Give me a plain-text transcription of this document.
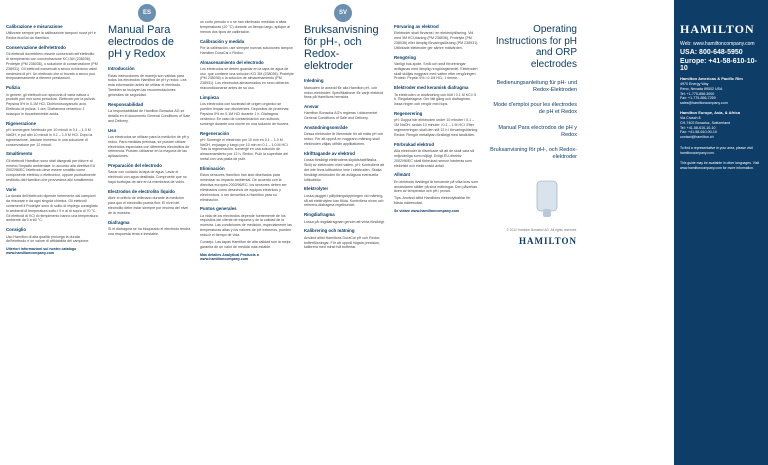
Calibrazione e misurazione

Utilizzare sempre per la calibrazione tamponi nuovi pH e Redox ItuoSal da Hamilton.

Conservazione dell'elettrodo

Gli elettrodi dovrebbero essere conservati nell'elettrolito di riempimento con concentrazione KCl 3M (238036), Protelyte (PM 238036), o soluzione di conservazione (PM 238931). Gli elettrodi conservati a secco richiedono valori medesimi di pH. Un elettrodo che si trovato a secco può temporaneamente a ritenere prestazioni.

Pulizia

In genere, gli elettrodi con sporcizia di varia natura o prodotti puri non sono pericolosi. Elettrodo per la pulizia: Pepsina 5% in 0.1M HCl, Dichloroisocyanuric acid. Elettrodo di pulizia: 1 ora. Diaframma ceramico: 1 sciacquo in tiocarbammide acida.

Rigenerazione

pH: immergere l'elettrodo per 10 minuti in 0.1 – 1.0 M NaOH, e poi altri 10 minuti in 0.1 – 1.0 M HCl. Dopo la rigenerazione, lasciare immerso in una soluzione di conservazione per 12 minuti.

Smaltimento

Gli elettrodi Hamilton sono stati disegnati per ridurre al minimo l'impatto ambientale. In accordo alla direttiva EU 2002/96/EC l'elettrodo deve essere smaltito come componente elettrico o elettronico, oppure puntualmente restituito dal Hamilton che provvederà allo smaltimento.

Varie

La durata dell'elettrodo dipende fortemente dai campioni da misurare e da ogni singola chimica. Gli elettrodi contenenti il Protelyte sono di solito di impiego consigliato in ambienti di temperatura sotto i 0 e al di sopra di 70 °C. Gli elettrodi di KCl di riempimento hanno una temperatura ambiente da 0 a 60 °C.

Consiglio

Uso Hamilton di alta qualità prolunga la durata dell'elettrodo e un valore di affidabilità del campione.

Ulteriori informazioni sul nostro catalogo www.hamiltoncompany.com

ES
Manual Para electrodos de pH y Redox

Introducción

Estas instrucciones de manejo son válidas para todos los electrodos Hamilton de pH y redox. Lea esta información antes de utilizar el electrodo. También se incluyen las recomendaciones generales de seguridad.

Responsabilidad

La responsabilidad de Hamilton Bonaduz AG se detalla en el documento General Conditions of Sale and Delivery.

Uso

Los electrodos se utilizan para la medición de pH y redox. Para medidas precisas, se pueden utilizar electrodos especiales con diferentes electrolitos de referencia. Pueden utilizarse en la mayoría de las aplicaciones.

Preparación del electrodo

Sacar con cuidado la tapa de agua. Lavar el electrodo con agua destilada. Compruebe que no haya burbujas de aire en la membrana de vidrio.

Electrodos de electrolito líquido

Abrir el orificio de rellenado durante la medición para que el electrolito pueda fluir. El nivel del electrolito debe estar siempre por encima del nivel de la muestra.

Diafragma

Si el diafragma se ha bloqueado el electrodo tendrá una respuesta lenta e inestable.

un corto periodo ir o se han eliminado medidas a altas temperaturas (20 °C) durante un tiempo largo, aplique al menos dos tipos de calibración.

Calibración y medida

Por la calibración, use siempre nuevas soluciones tampón Hamilton DuraCal o Redox.

Almacenamiento del electrodo

Los electrodos se deben guardar en la tapa de agua de uso, que contiene una solucion KCl 3M (238036), Protelyte (PM 238036) o la solución de almacenamiento (PM 238931). Los electrodos almacenados en seco deberán reacondicionarse antes de su uso.

Limpieza

Los electrodos con suciedad de origen orgánico se pueden limpiar con disolventes. Depósitos de proteínas: Pepsina 5% en 0.1M HCl durante 1 h. Diafragma cerámico: En caso de contaminación con sulfuros, sumergir durante una noche en una solución de tiourea.

Regeneración

pH: Sumergir el electrodo por 10 min en 0.1 – 1.0 M NaOH, enjuagar y luego por 10 min en 0.1 – 1.0 M HCl. Tras la regeneración, sumergir en una solución de almacenamiento por 12 h. Redox: Pulir la superficie del metal con una pasta de pulir.

Eliminación

Estos sensores Hamilton han sido diseñados para minimizar su impacto ambiental. De acuerdo con la directiva europea 2002/96/EC, los sensores deben ser eliminados como desechos de equipos eléctricos y electrónicos, o ser devueltos a Hamilton para su eliminación.

Puntos generales

La vida de los electrodos depende fuertemente de los requisitos del cliente de espuma y de la calidad de la muestra. Las condiciones de medición, especialmente las temperaturas altas y los valores de pH extremos, pueden reducir el tiempo de vida.

Consejo: Las tapas Hamilton de alta calidad son la mejor garantía de un valor de medida más estable.

Más detalles Analytical Products a www.hamiltoncompany.com

SV
Bruksanvisning för pH-, och Redox-elektroder

Inledning

Manualen är avsedd för alla Hamilton pH- och redox-elektroder. Specifikationer för varje elektrod finns på Hamiltons hemsida.

Ansvar

Hamilton Bonaduz AG's regleras i dokumentet General Conditions of Sale and Delivery.

Användningsområde

Dessa elektroder är lifesmade för att mäta pH och redox. För att uppnå en noggrann mätning skall elektroden väljas utifrån applikationen.

Idrifttagande av elektrod

Lossa försiktigt elektrodens skyddshatt/flaska. Skölj av elektroden med vatten. pH: Kontrollera att det inte finns luftbubblor inne i elektroden. Skaka försiktigt elektroden för att avlägsna eventuella luftbubblor.

Elektrolyter

Lossa plugget i påfyllningsöppningen vid mätning, så att elektrolyten kan flöda. Kontrollera nivan och referens-diafragma regelbundet.

Ringdiafragma

Lossa på ringdiafragman genom att vrida försiktigt.

Kalibrering och mätning

Använd alltid Hamiltons DuraCal pH och Redox buffertlösningar. För att uppnå högsta precision, kalibrera med minst två buffertar.

Förvaring av elektrod

Elektroder skall förvaras i en elektrolytlösning. Vid med 3M KCl-lösning (PM 238036), Protelyte (PM 238036) eller lämplig förvaringslösning (PM 238931). Uttörkade elektroder ger sämre mätvärden.

Rengöring

Vanligt hus-spole. Små och små föroreningar avlägsnas med lämplig rengöringsmedel. Elektroden skall sköljas noggrant med vatten efter rengöringen. Protein: Pepsin 5% i 0.1M HCl, 1 timme.

Elektroder med keramisk diafragma

Ta elektroden ur användning och blöt i 0.1 M KCl i 5 h. Ringdiafragma: Ger lätt gång och diafragman, lossa ringen och rengör med tops.

Regenerering

pH: Doppa här elektroden under 10 minuter i 0.1 – 1M NaOH, sedan 10 minuter i 0.1 – 1 M HCl. Efter regenereringen skall den stå 12 h i förvaringslösning. Redox: Rengör metallytan försiktigt med tandkräm.

Förbrukad elektrod

Alla elektroder är tillverkade så att de skall vara så miljovänliga som möjligt. Enligt EU-direktiv 2002/96/EC skall förbrukad sensor hanteras som elektriskt och elektroniskt avfall.

Allmänt

En elektrods livslängd är beroende på vilka krav som användaren ställer på sina mätningar. Den påverkas även av temperatur och pH i provet.

Tips: Använd alltid Hamiltons elektrolytkablar för bästa mätresultat.

Se vidare www.hamiltoncompany.com

Operating Instructions for pH and ORP electrodes

Bedienungsanleitung für pH- und Redox-Elektroden

Mode d'emploi pour les électrodes de pH et Redox

Manual Para electrodos de pH y Redox

Bruksanvisning för pH-, och Redox-elektroder

© 2012 Hamilton Bonaduz AG. All rights reserved.

HAMILTON

HAMILTON
Web: www.hamiltoncompany.com
USA: 800-648-5950
Europe: +41-58-610-10-10
Hamilton Americas & Pacific Rim
4970 Energy Way
Reno, Nevada 89502 USA
Tel: +1-775-858-3000
Fax: +1-775-856-7259
sales@hamiltoncompany.com
Hamilton Europe, Asia, & Africa
Via Crusch 8
CH-7402 Bonaduz, Switzerland
Tel: +41-58-610-10-10
Fax: +41-58-610-00-10
contact@hamilton.ch

To find a representative in your area, please visit hamiltoncompany.com.

This guide may be available in other languages. Visit www.hamiltoncompany.com for more information.
